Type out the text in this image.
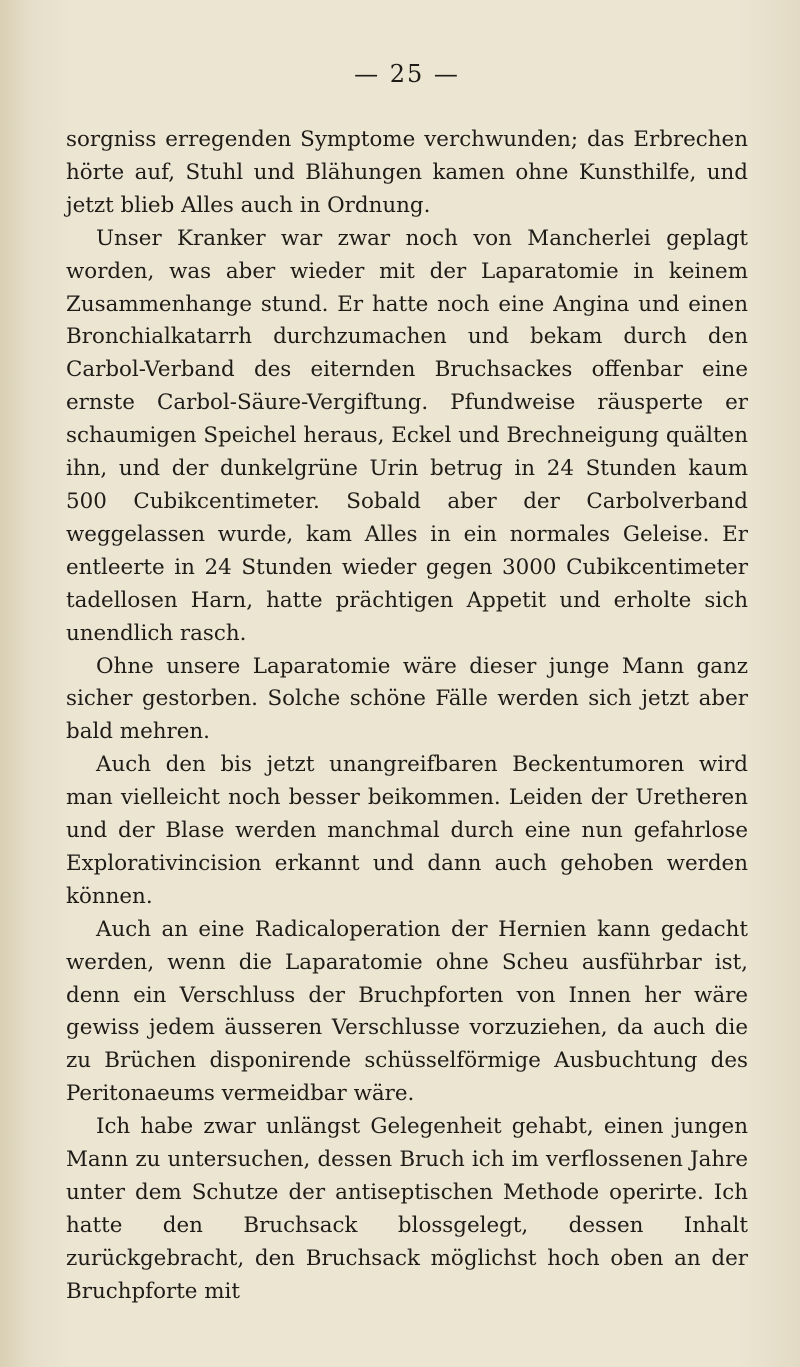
— 25 —

sorgniss erregenden Symptome verchwunden; das Erbrechen hörte auf, Stuhl und Blähungen kamen ohne Kunsthilfe, und jetzt blieb Alles auch in Ordnung.

Unser Kranker war zwar noch von Mancherlei geplagt worden, was aber wieder mit der Laparatomie in keinem Zusammenhange stund. Er hatte noch eine Angina und einen Bronchialkatarrh durchzumachen und bekam durch den Carbol-Verband des eiternden Bruchsackes offenbar eine ernste Carbol-Säure-Vergiftung. Pfundweise räusperte er schaumigen Speichel heraus, Eckel und Brechneigung quälten ihn, und der dunkelgrüne Urin betrug in 24 Stunden kaum 500 Cubikcentimeter. Sobald aber der Carbolverband weggelassen wurde, kam Alles in ein normales Geleise. Er entleerte in 24 Stunden wieder gegen 3000 Cubikcentimeter tadellosen Harn, hatte prächtigen Appetit und erholte sich unendlich rasch.

Ohne unsere Laparatomie wäre dieser junge Mann ganz sicher gestorben. Solche schöne Fälle werden sich jetzt aber bald mehren.

Auch den bis jetzt unangreifbaren Beckentumoren wird man vielleicht noch besser beikommen. Leiden der Uretheren und der Blase werden manchmal durch eine nun gefahrlose Explorativincision erkannt und dann auch gehoben werden können.

Auch an eine Radicaloperation der Hernien kann gedacht werden, wenn die Laparatomie ohne Scheu ausführbar ist, denn ein Verschluss der Bruchpforten von Innen her wäre gewiss jedem äusseren Verschlusse vorzuziehen, da auch die zu Brüchen disponirende schüsselförmige Ausbuchtung des Peritonaeums vermeidbar wäre.

Ich habe zwar unlängst Gelegenheit gehabt, einen jungen Mann zu untersuchen, dessen Bruch ich im verflossenen Jahre unter dem Schutze der antiseptischen Methode operirte. Ich hatte den Bruchsack blossgelegt, dessen Inhalt zurückgebracht, den Bruchsack möglichst hoch oben an der Bruchpforte mit
